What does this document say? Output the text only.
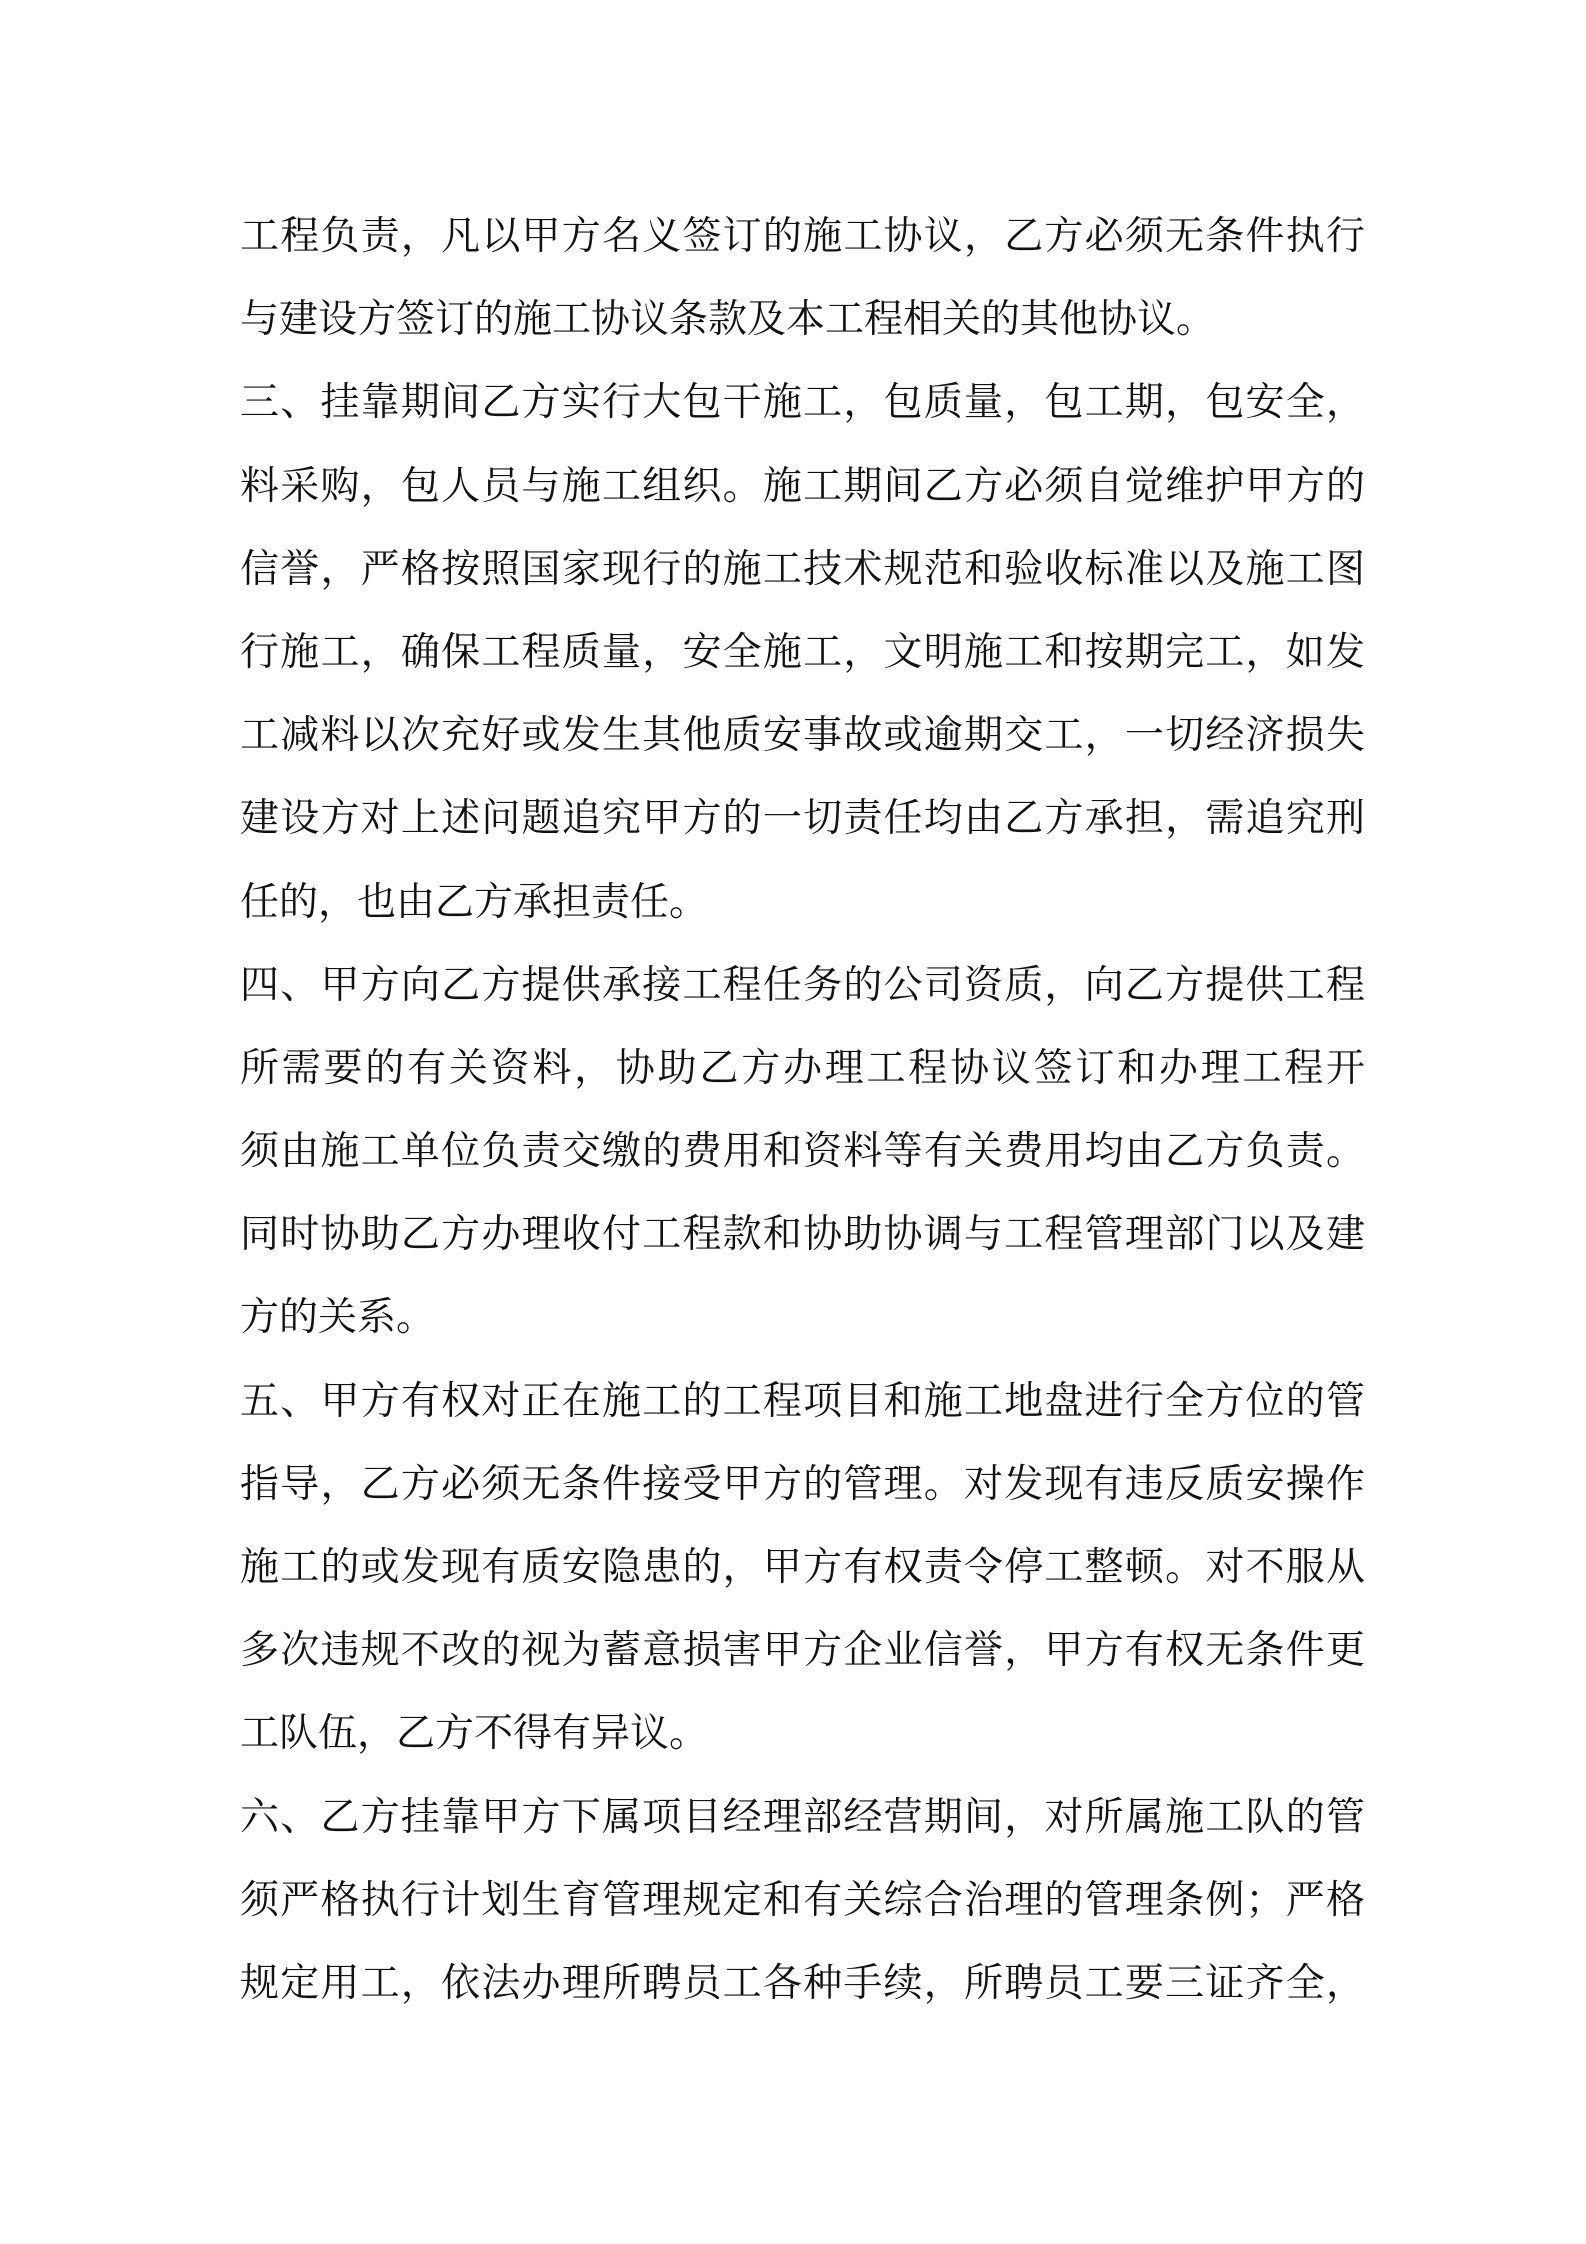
工程负责，凡以甲方名义签订的施工协议，乙方必须无条件执行
与建设方签订的施工协议条款及本工程相关的其他协议。
三、挂靠期间乙方实行大包干施工，包质量，包工期，包安全，
料采购，包人员与施工组织。施工期间乙方必须自觉维护甲方的
信誉，严格按照国家现行的施工技术规范和验收标准以及施工图
行施工，确保工程质量，安全施工，文明施工和按期完工，如发
工减料以次充好或发生其他质安事故或逾期交工，一切经济损失
建设方对上述问题追究甲方的一切责任均由乙方承担，需追究刑
任的，也由乙方承担责任。
四、甲方向乙方提供承接工程任务的公司资质，向乙方提供工程
所需要的有关资料，协助乙方办理工程协议签订和办理工程开
须由施工单位负责交缴的费用和资料等有关费用均由乙方负责。
同时协助乙方办理收付工程款和协助协调与工程管理部门以及建
方的关系。
五、甲方有权对正在施工的工程项目和施工地盘进行全方位的管
指导，乙方必须无条件接受甲方的管理。对发现有违反质安操作
施工的或发现有质安隐患的，甲方有权责令停工整顿。对不服从
多次违规不改的视为蓄意损害甲方企业信誉，甲方有权无条件更
工队伍，乙方不得有异议。
六、乙方挂靠甲方下属项目经理部经营期间，对所属施工队的管
须严格执行计划生育管理规定和有关综合治理的管理条例；严格
规定用工，依法办理所聘员工各种手续，所聘员工要三证齐全，
